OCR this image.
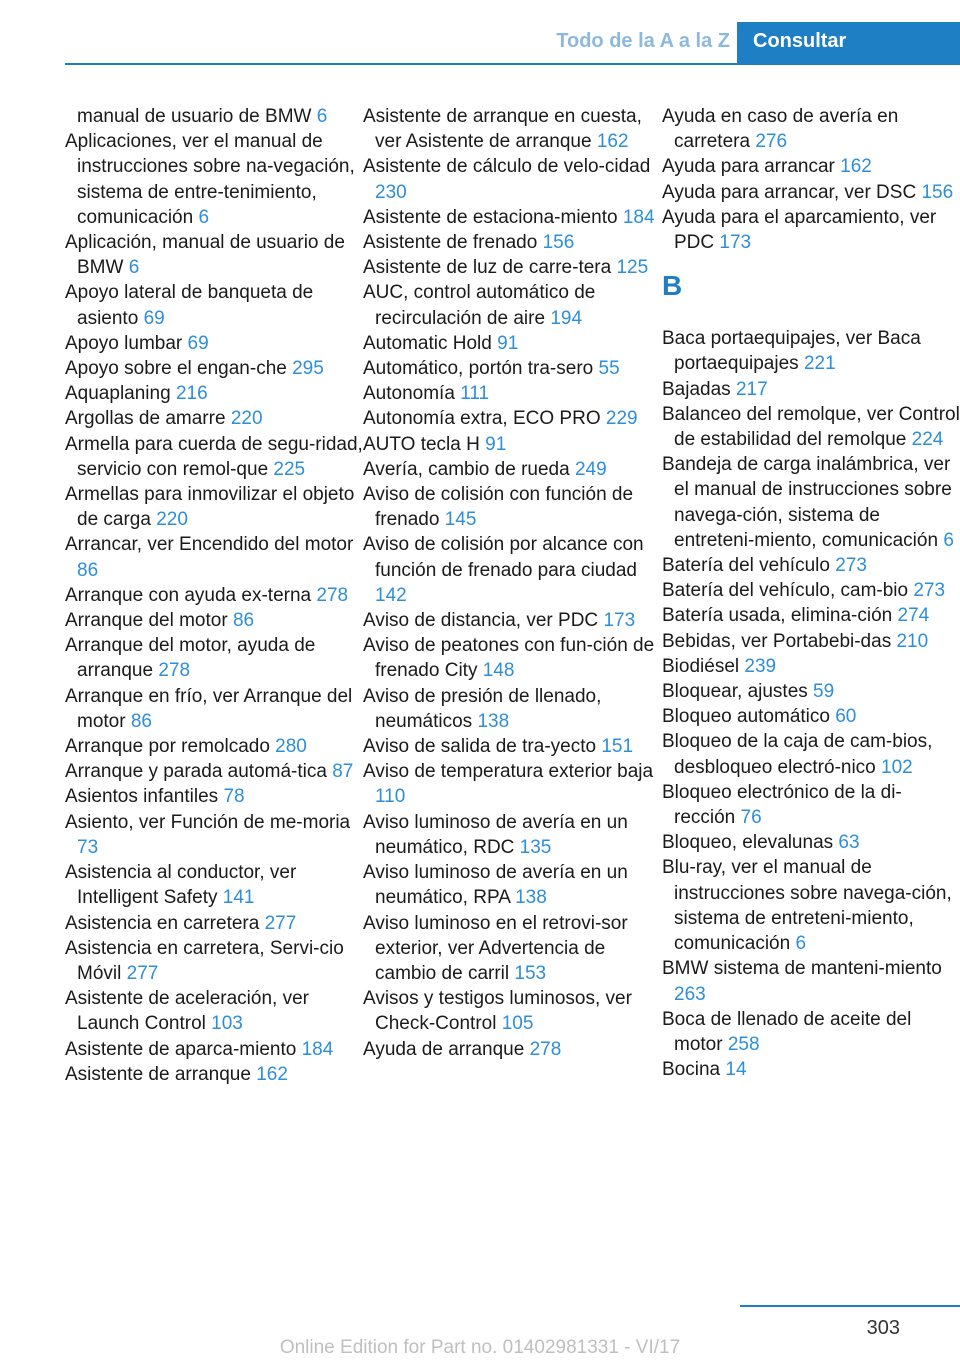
Todo de la A a la Z	Consultar
manual de usuario de BMW 6
Aplicaciones, ver el manual de instrucciones sobre na‐vegación, sistema de entre‐tenimiento, comunicación 6
Aplicación, manual de usuario de BMW 6
Apoyo lateral de banqueta de asiento 69
Apoyo lumbar 69
Apoyo sobre el engan‐che 295
Aquaplaning 216
Argollas de amarre 220
Armella para cuerda de segu‐ridad, servicio con remol‐que 225
Armellas para inmovilizar el objeto de carga 220
Arrancar, ver Encendido del motor 86
Arranque con ayuda ex‐terna 278
Arranque del motor 86
Arranque del motor, ayuda de arranque 278
Arranque en frío, ver Arranque del motor 86
Arranque por remolcado 280
Arranque y parada automá‐tica 87
Asientos infantiles 78
Asiento, ver Función de me‐moria 73
Asistencia al conductor, ver Intelligent Safety 141
Asistencia en carretera 277
Asistencia en carretera, Servi‐cio Móvil 277
Asistente de aceleración, ver Launch Control 103
Asistente de aparca‐miento 184
Asistente de arranque 162
Asistente de arranque en cuesta, ver Asistente de arranque 162
Asistente de cálculo de velo‐cidad 230
Asistente de estaciona‐miento 184
Asistente de frenado 156
Asistente de luz de carre‐tera 125
AUC, control automático de recirculación de aire 194
Automatic Hold 91
Automático, portón tra‐sero 55
Autonomía 111
Autonomía extra, ECO PRO 229
AUTO tecla H 91
Avería, cambio de rueda 249
Aviso de colisión con función de frenado 145
Aviso de colisión por alcance con función de frenado para ciudad 142
Aviso de distancia, ver PDC 173
Aviso de peatones con fun‐ción de frenado City 148
Aviso de presión de llenado, neumáticos 138
Aviso de salida de tra‐yecto 151
Aviso de temperatura exterior baja 110
Aviso luminoso de avería en un neumático, RDC 135
Aviso luminoso de avería en un neumático, RPA 138
Aviso luminoso en el retrovi‐sor exterior, ver Advertencia de cambio de carril 153
Avisos y testigos luminosos, ver Check-Control 105
Ayuda de arranque 278
Ayuda en caso de avería en carretera 276
Ayuda para arrancar 162
Ayuda para arrancar, ver DSC 156
Ayuda para el aparcamiento, ver PDC 173
B
Baca portaequipajes, ver Baca portaequipajes 221
Bajadas 217
Balanceo del remolque, ver Control de estabilidad del remolque 224
Bandeja de carga inalámbrica, ver el manual de instrucciones sobre navega‐ción, sistema de entreteni‐miento, comunicación 6
Batería del vehículo 273
Batería del vehículo, cam‐bio 273
Batería usada, elimina‐ción 274
Bebidas, ver Portabebi‐das 210
Biodiésel 239
Bloquear, ajustes 59
Bloqueo automático 60
Bloqueo de la caja de cam‐bios, desbloqueo electró‐nico 102
Bloqueo electrónico de la di‐rección 76
Bloqueo, elevalunas 63
Blu-ray, ver el manual de instrucciones sobre navega‐ción, sistema de entreteni‐miento, comunicación 6
BMW sistema de manteni‐miento 263
Boca de llenado de aceite del motor 258
Bocina 14
303
Online Edition for Part no. 01402981331 - VI/17
